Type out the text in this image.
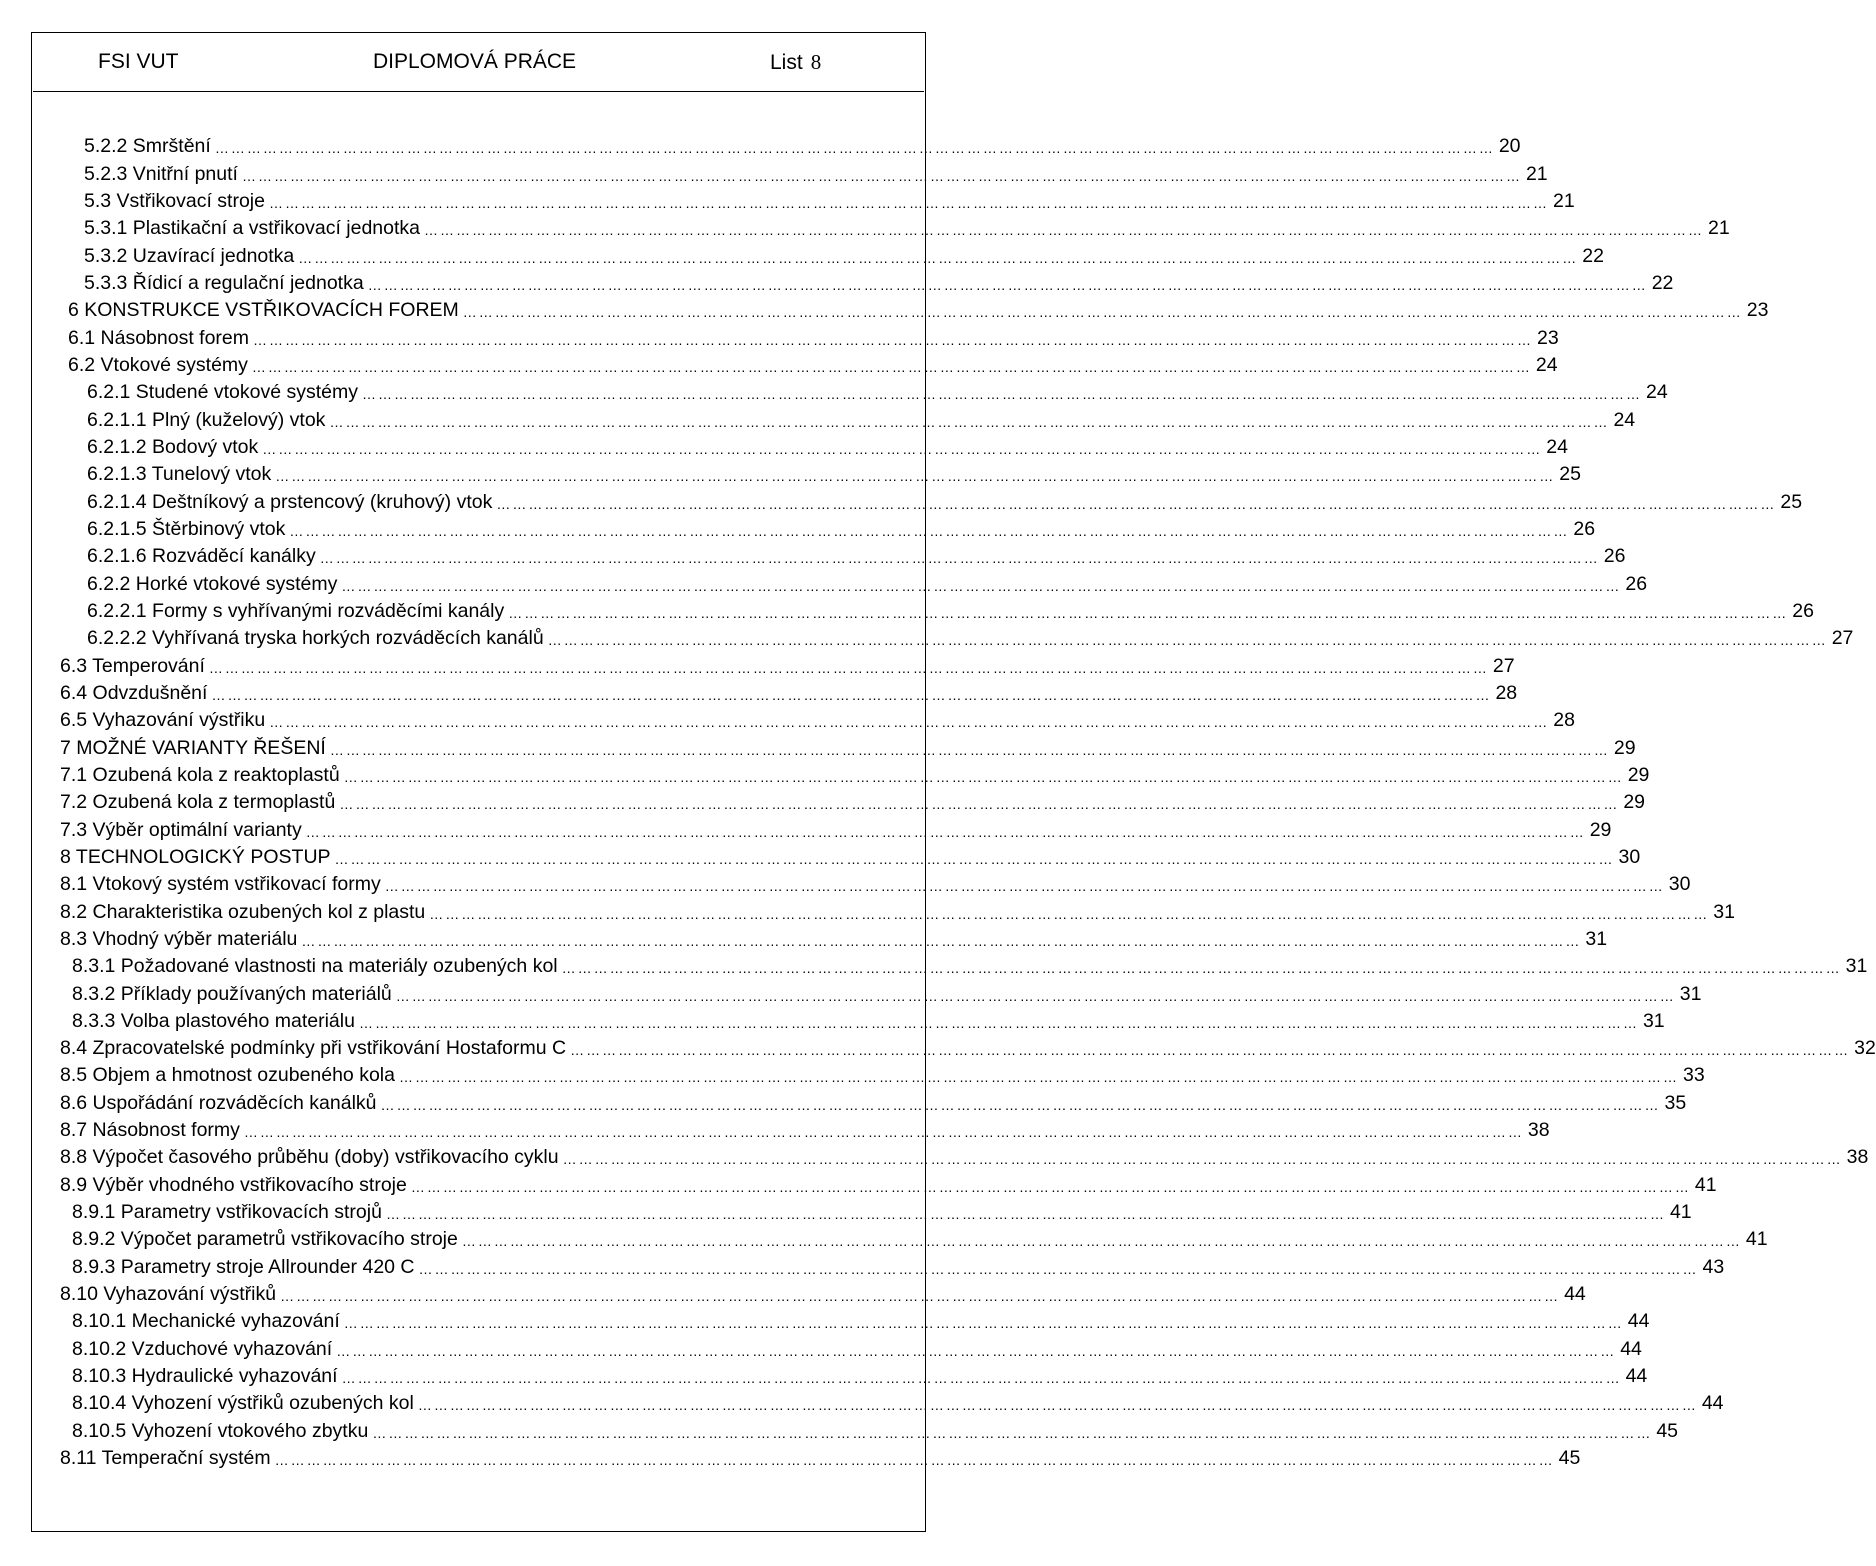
FSI VUT	DIPLOMOVÁ PRÁCE	List 8
5.2.2 Smrštění …………………………………………………………………………………………………………………………………………………………………………………………………………………… 20
5.2.3 Vnitřní pnutí …………………………………………………………………………………………………………………………………………………………………………………………………………………… 21
5.3 Vstřikovací stroje …………………………………………………………………………………………………………………………………………………………………………………………………………………… 21
5.3.1 Plastikační a vstřikovací jednotka …………………………………………………………………………………………………………………………………………………………………………………………………………………… 21
5.3.2 Uzavírací jednotka …………………………………………………………………………………………………………………………………………………………………………………………………………………… 22
5.3.3 Řídicí a regulační jednotka …………………………………………………………………………………………………………………………………………………………………………………………………………………… 22
6 KONSTRUKCE VSTŘIKOVACÍCH FOREM …………………………………………………………………………………………………………………………………………………………………………………………………………………… 23
6.1 Násobnost forem …………………………………………………………………………………………………………………………………………………………………………………………………………………… 23
6.2 Vtokové systémy …………………………………………………………………………………………………………………………………………………………………………………………………………………… 24
6.2.1 Studené vtokové systémy …………………………………………………………………………………………………………………………………………………………………………………………………………………… 24
6.2.1.1 Plný (kuželový) vtok …………………………………………………………………………………………………………………………………………………………………………………………………………………… 24
6.2.1.2 Bodový vtok …………………………………………………………………………………………………………………………………………………………………………………………………………………… 24
6.2.1.3 Tunelový vtok …………………………………………………………………………………………………………………………………………………………………………………………………………………… 25
6.2.1.4 Deštníkový a prstencový (kruhový) vtok …………………………………………………………………………………………………………………………………………………………………………………………………………………… 25
6.2.1.5 Štěrbinový vtok …………………………………………………………………………………………………………………………………………………………………………………………………………………… 26
6.2.1.6 Rozváděcí kanálky …………………………………………………………………………………………………………………………………………………………………………………………………………………… 26
6.2.2 Horké vtokové systémy …………………………………………………………………………………………………………………………………………………………………………………………………………………… 26
6.2.2.1 Formy s vyhřívanými rozváděcími kanály …………………………………………………………………………………………………………………………………………………………………………………………………………………… 26
6.2.2.2 Vyhřívaná tryska horkých rozváděcích kanálů …………………………………………………………………………………………………………………………………………………………………………………………………………………… 27
6.3 Temperování …………………………………………………………………………………………………………………………………………………………………………………………………………………… 27
6.4 Odvzdušnění …………………………………………………………………………………………………………………………………………………………………………………………………………………… 28
6.5 Vyhazování výstřiku …………………………………………………………………………………………………………………………………………………………………………………………………………………… 28
7 MOŽNÉ VARIANTY ŘEŠENÍ …………………………………………………………………………………………………………………………………………………………………………………………………………………… 29
7.1 Ozubená kola z reaktoplastů …………………………………………………………………………………………………………………………………………………………………………………………………………………… 29
7.2 Ozubená kola z termoplastů …………………………………………………………………………………………………………………………………………………………………………………………………………………… 29
7.3 Výběr optimální varianty …………………………………………………………………………………………………………………………………………………………………………………………………………………… 29
8 TECHNOLOGICKÝ POSTUP …………………………………………………………………………………………………………………………………………………………………………………………………………………… 30
8.1 Vtokový systém vstřikovací formy …………………………………………………………………………………………………………………………………………………………………………………………………………………… 30
8.2 Charakteristika ozubených kol z plastu …………………………………………………………………………………………………………………………………………………………………………………………………………………… 31
8.3 Vhodný výběr materiálu …………………………………………………………………………………………………………………………………………………………………………………………………………………… 31
8.3.1 Požadované vlastnosti na materiály ozubených kol …………………………………………………………………………………………………………………………………………………………………………………………………………………… 31
8.3.2 Příklady používaných materiálů …………………………………………………………………………………………………………………………………………………………………………………………………………………… 31
8.3.3 Volba plastového materiálu …………………………………………………………………………………………………………………………………………………………………………………………………………………… 31
8.4 Zpracovatelské podmínky při vstřikování Hostaformu C …………………………………………………………………………………………………………………………………………………………………………………………………………………… 32
8.5 Objem a hmotnost ozubeného kola …………………………………………………………………………………………………………………………………………………………………………………………………………………… 33
8.6 Uspořádání rozváděcích kanálků …………………………………………………………………………………………………………………………………………………………………………………………………………………… 35
8.7 Násobnost formy …………………………………………………………………………………………………………………………………………………………………………………………………………………… 38
8.8 Výpočet časového průběhu (doby) vstřikovacího cyklu …………………………………………………………………………………………………………………………………………………………………………………………………………………… 38
8.9 Výběr vhodného vstřikovacího stroje …………………………………………………………………………………………………………………………………………………………………………………………………………………… 41
8.9.1 Parametry vstřikovacích strojů …………………………………………………………………………………………………………………………………………………………………………………………………………………… 41
8.9.2 Výpočet parametrů vstřikovacího stroje …………………………………………………………………………………………………………………………………………………………………………………………………………………… 41
8.9.3 Parametry stroje Allrounder 420 C …………………………………………………………………………………………………………………………………………………………………………………………………………………… 43
8.10 Vyhazování výstřiků …………………………………………………………………………………………………………………………………………………………………………………………………………………… 44
8.10.1 Mechanické vyhazování …………………………………………………………………………………………………………………………………………………………………………………………………………………… 44
8.10.2 Vzduchové vyhazování …………………………………………………………………………………………………………………………………………………………………………………………………………………… 44
8.10.3 Hydraulické vyhazování …………………………………………………………………………………………………………………………………………………………………………………………………………………… 44
8.10.4 Vyhození výstřiků ozubených kol …………………………………………………………………………………………………………………………………………………………………………………………………………………… 44
8.10.5 Vyhození vtokového zbytku …………………………………………………………………………………………………………………………………………………………………………………………………………………… 45
8.11 Temperační systém …………………………………………………………………………………………………………………………………………………………………………………………………………………… 45
